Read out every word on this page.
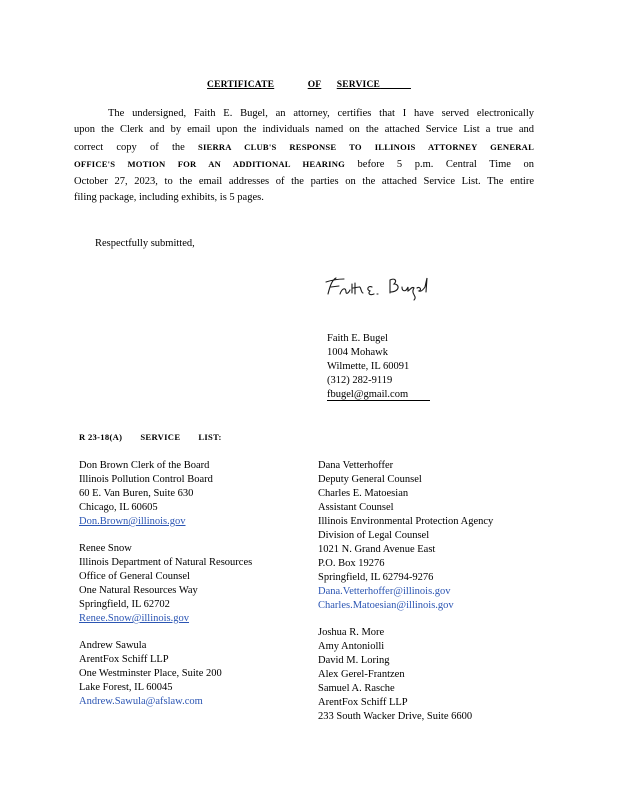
CERTIFICATE	OF SERVICE
The undersigned, Faith E. Bugel, an attorney, certifies that I have served electronically
upon the Clerk and by email upon the individuals named on the attached Service List a true and
correct copy of the SIERRA CLUB'S RESPONSE TO ILLINOIS ATTORNEY GENERAL
OFFICE'S MOTION FOR AN ADDITIONAL HEARING before 5 p.m. Central Time on
October 27, 2023, to the email addresses of the parties on the attached Service List. The entire
filing package, including exhibits, is 5 pages.
Respectfully submitted,
Faith E. Bugel
1004 Mohawk
Wilmette, IL 60091
(312) 282-9119
fbugel@gmail.com
R 23-18(A) SERVICE LIST:
Don Brown Clerk of the Board
Illinois Pollution Control Board
60 E. Van Buren, Suite 630
Chicago, IL 60605
Don.Brown@illinois.gov
Renee Snow
Illinois Department of Natural Resources
Office of General Counsel
One Natural Resources Way
Springfield, IL 62702
Renee.Snow@illinois.gov
Andrew Sawula
ArentFox Schiff LLP
One Westminster Place, Suite 200
Lake Forest, IL 60045
Andrew.Sawula@afslaw.com
Dana Vetterhoffer
Deputy General Counsel
Charles E. Matoesian
Assistant Counsel
Illinois Environmental Protection Agency
Division of Legal Counsel
1021 N. Grand Avenue East
P.O. Box 19276
Springfield, IL 62794-9276
Dana.Vetterhoffer@illinois.gov
Charles.Matoesian@illinois.gov
Joshua R. More
Amy Antoniolli
David M. Loring
Alex Gerel-Frantzen
Samuel A. Rasche
ArentFox Schiff LLP
233 South Wacker Drive, Suite 6600
